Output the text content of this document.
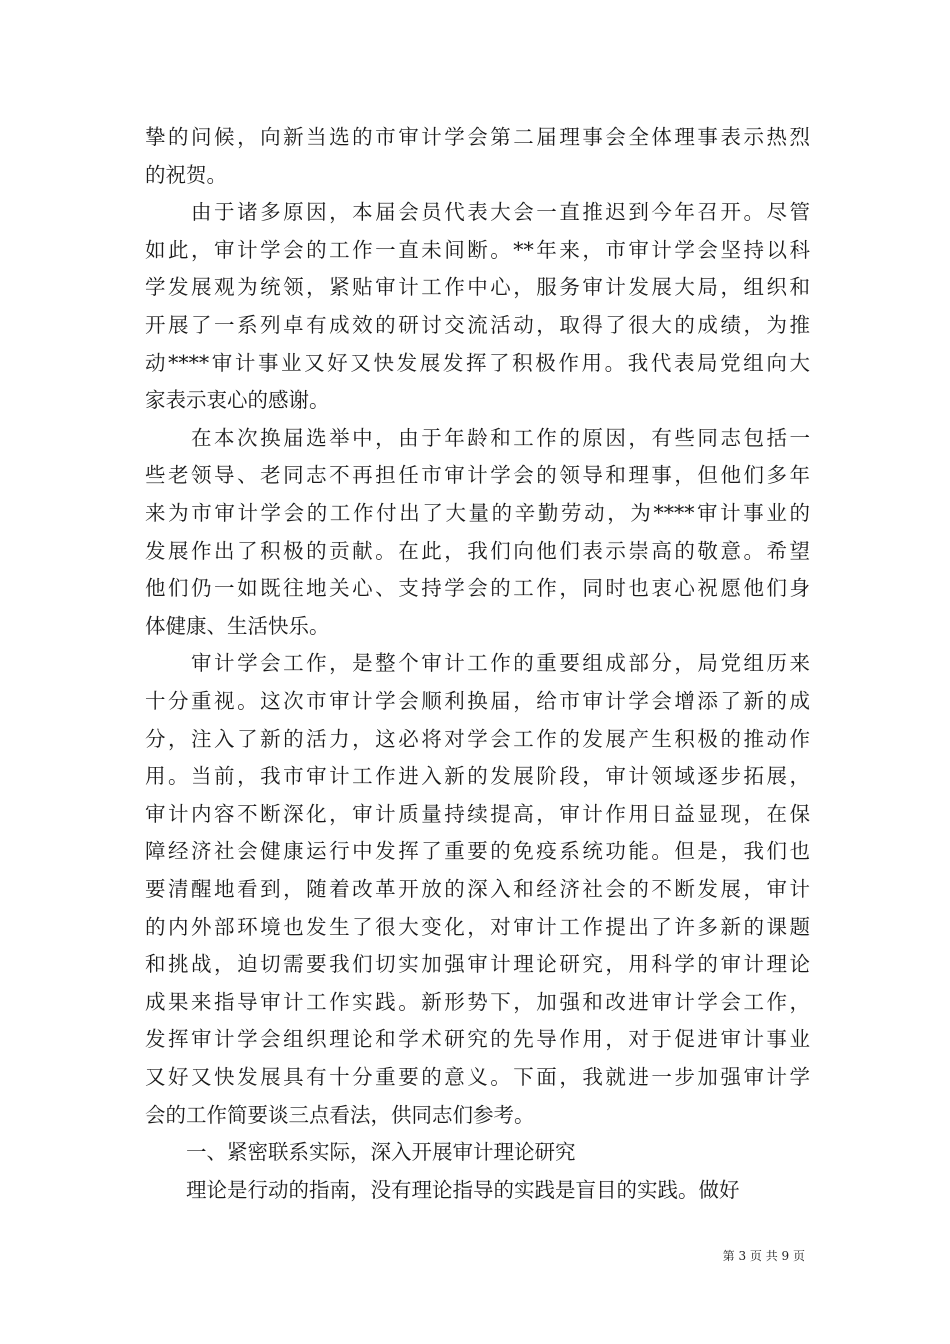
挚的问候，向新当选的市审计学会第二届理事会全体理事表示热烈
的祝贺。
　　由于诸多原因，本届会员代表大会一直推迟到今年召开。尽管
如此，审计学会的工作一直未间断。**年来，市审计学会坚持以科
学发展观为统领，紧贴审计工作中心，服务审计发展大局，组织和
开展了一系列卓有成效的研讨交流活动，取得了很大的成绩，为推
动****审计事业又好又快发展发挥了积极作用。我代表局党组向大
家表示衷心的感谢。
　　在本次换届选举中，由于年龄和工作的原因，有些同志包括一
些老领导、老同志不再担任市审计学会的领导和理事，但他们多年
来为市审计学会的工作付出了大量的辛勤劳动，为****审计事业的
发展作出了积极的贡献。在此，我们向他们表示崇高的敬意。希望
他们仍一如既往地关心、支持学会的工作，同时也衷心祝愿他们身
体健康、生活快乐。
　　审计学会工作，是整个审计工作的重要组成部分，局党组历来
十分重视。这次市审计学会顺利换届，给市审计学会增添了新的成
分，注入了新的活力，这必将对学会工作的发展产生积极的推动作
用。当前，我市审计工作进入新的发展阶段，审计领域逐步拓展，
审计内容不断深化，审计质量持续提高，审计作用日益显现，在保
障经济社会健康运行中发挥了重要的免疫系统功能。但是，我们也
要清醒地看到，随着改革开放的深入和经济社会的不断发展，审计
的内外部环境也发生了很大变化，对审计工作提出了许多新的课题
和挑战，迫切需要我们切实加强审计理论研究，用科学的审计理论
成果来指导审计工作实践。新形势下，加强和改进审计学会工作，
发挥审计学会组织理论和学术研究的先导作用，对于促进审计事业
又好又快发展具有十分重要的意义。下面，我就进一步加强审计学
会的工作简要谈三点看法，供同志们参考。
　　一、紧密联系实际，深入开展审计理论研究
　　理论是行动的指南，没有理论指导的实践是盲目的实践。做好
第 3 页 共 9 页
